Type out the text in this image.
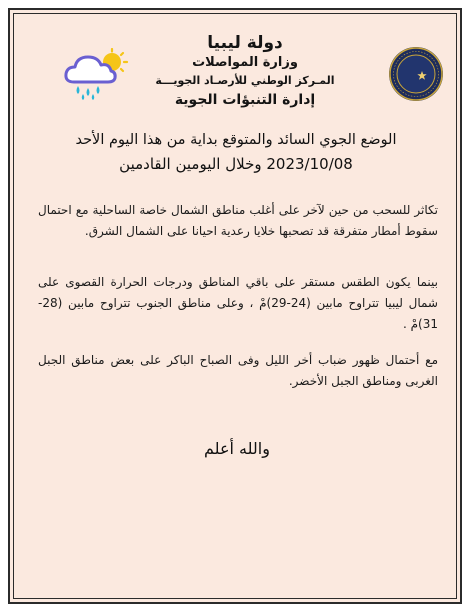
دولة ليبيا
وزارة المواصلات
المـركز الوطني للأرصـاد الجويـــة
إدارة التنبؤات الجوية
الوضع الجوي السائد والمتوقع بداية من هذا اليوم الأحد
2023/10/08 وخلال اليومين القادمين

تكاثر للسحب من حين لآخر على أغلب مناطق الشمال خاصة الساحلية مع احتمال سقوط أمطار متفرقة قد تصحبها خلايا رعدية احيانا على الشمال الشرق.

بينما يكون الطقس مستقر على باقي المناطق ودرجات الحرارة القصوى على شمال ليبيا تتراوح مابين (24-29)مْ ، وعلى مناطق الجنوب تتراوح مابين (28-31)مْ .

مع أحتمال ظهور ضباب أخر الليل وفى الصباح الباكر على بعض مناطق الجبل الغربى ومناطق الجبل الأخضر.

والله أعلم
